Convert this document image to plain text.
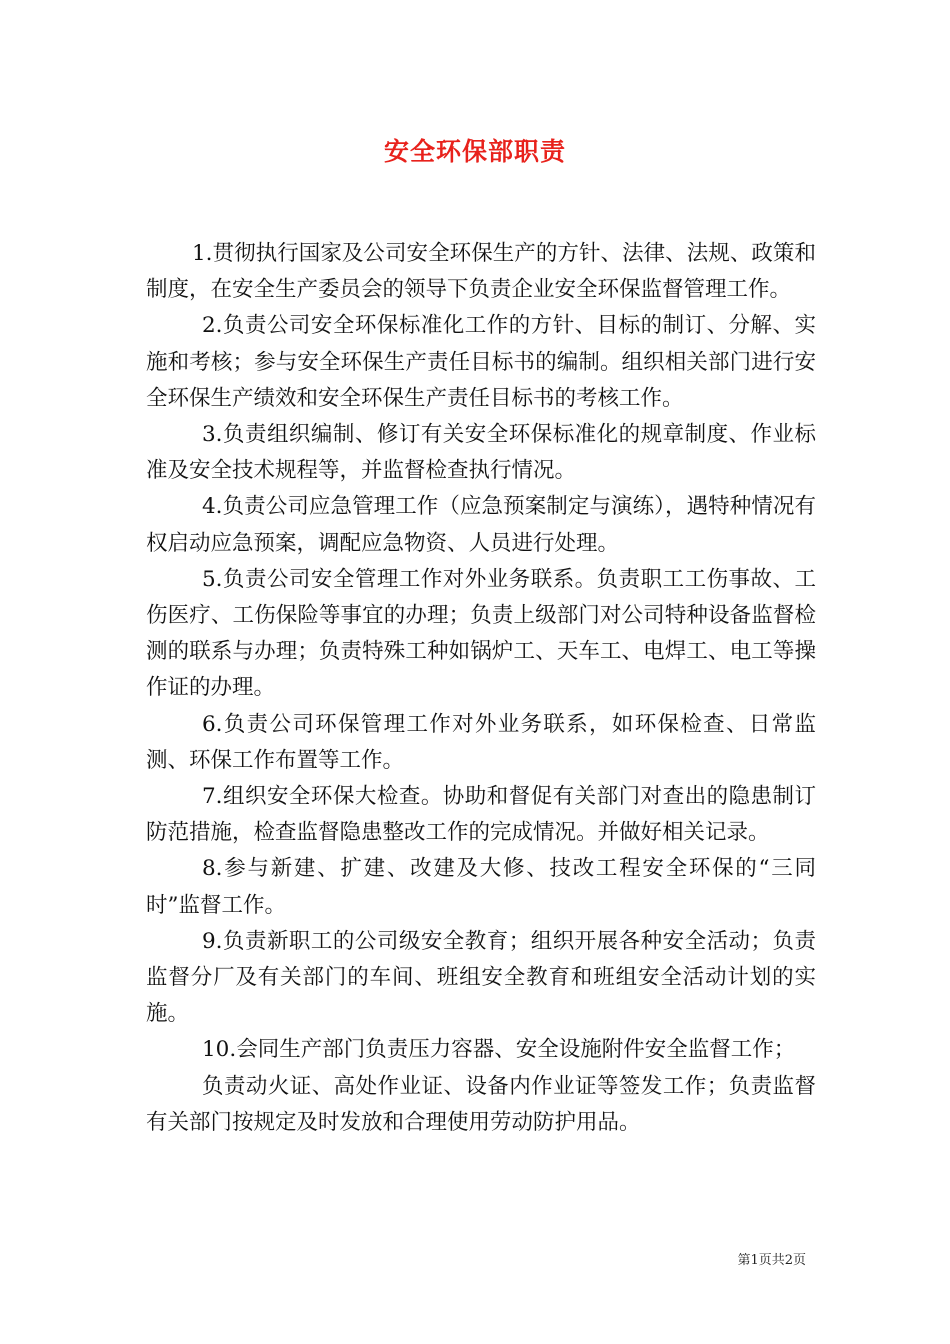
安全环保部职责

1.贯彻执行国家及公司安全环保生产的方针、法律、法规、政策和制度，在安全生产委员会的领导下负责企业安全环保监督管理工作。

2.负责公司安全环保标准化工作的方针、目标的制订、分解、实施和考核；参与安全环保生产责任目标书的编制。组织相关部门进行安全环保生产绩效和安全环保生产责任目标书的考核工作。

3.负责组织编制、修订有关安全环保标准化的规章制度、作业标准及安全技术规程等，并监督检查执行情况。

4.负责公司应急管理工作（应急预案制定与演练），遇特种情况有权启动应急预案，调配应急物资、人员进行处理。

5.负责公司安全管理工作对外业务联系。负责职工工伤事故、工伤医疗、工伤保险等事宜的办理；负责上级部门对公司特种设备监督检测的联系与办理；负责特殊工种如锅炉工、天车工、电焊工、电工等操作证的办理。

6.负责公司环保管理工作对外业务联系，如环保检查、日常监测、环保工作布置等工作。

7.组织安全环保大检查。协助和督促有关部门对查出的隐患制订防范措施，检查监督隐患整改工作的完成情况。并做好相关记录。

8.参与新建、扩建、改建及大修、技改工程安全环保的“三同时”监督工作。

9.负责新职工的公司级安全教育；组织开展各种安全活动；负责监督分厂及有关部门的车间、班组安全教育和班组安全活动计划的实施。

10.会同生产部门负责压力容器、安全设施附件安全监督工作；

负责动火证、高处作业证、设备内作业证等签发工作；负责监督有关部门按规定及时发放和合理使用劳动防护用品。

第1页共2页
